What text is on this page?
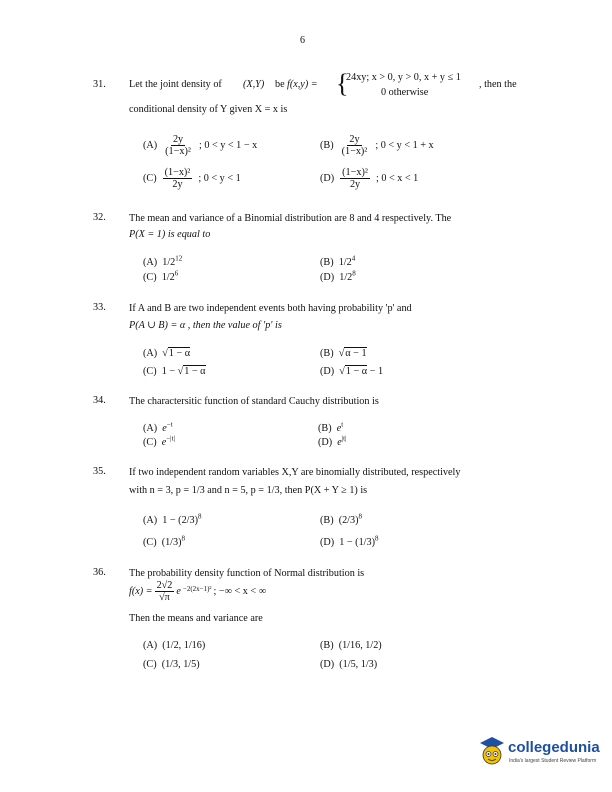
6
31. Let the joint density of (X,Y) be f(x,y) = {
24xy; x > 0, y > 0, x + y ≤ 1
0 otherwise
, then the
conditional density of Y given X = x is
$(A) \frac{2y}{\text{(1−x)²}}$ ; 0 < y < 1 − x	$(B) \frac{2y}{\text{(1−x)²}}$ ; 0 < y < 1 + x
$(C) \frac{\text{(1−x)²}}{2y}$ ; 0 < y < 1	$(D) \frac{\text{(1−x)²}}{2y}$ ; 0 < x < 1
32. The mean and variance of a Binomial distribution are 8 and 4 respectively. The
P(X = 1) is equal to
(A) $1/2^{12}$	(B) $1/2^4$
(C) $1/2^6$	(D) $1/2^8$
33. If A and B are two independent events both having probability 'p' and
P(A ∪ B) = α , then the value of 'p' is
(A) √1 − α	(B) √α − 1
(C) 1 − √1 − α	(D) √1 − α − 1
34. The charactersitic function of standard Cauchy distribution is
(A) $e^{-t}$	(B) $e^t$
(C) $e^{-|t|}$	(D) $e^{|t|}$
35. If two independent random variables X,Y are binomially distributed, respectively
with n = 3, p = 1/3 and n = 5, p = 1/3, then P(X + Y ≥ 1) is
(A) $1 - (2/3)^8$	(B) $(2/3)^8$
(C) $(1/3)^8$	(D) $1 - (1/3)^8$
36. The probability density function of Normal distribution is
$f(x) = \frac{2√2}{√\pi}$ e $^{-2(2x-1)^2}$ ; −∞ < x < ∞
Then the means and variance are
(A) (1/2, 1/16)	(B) (1/16, 1/2)
(C) (1/3, 1/5)	(D) (1/5, 1/3)
collegedunia
India's largest Student Review Platform
